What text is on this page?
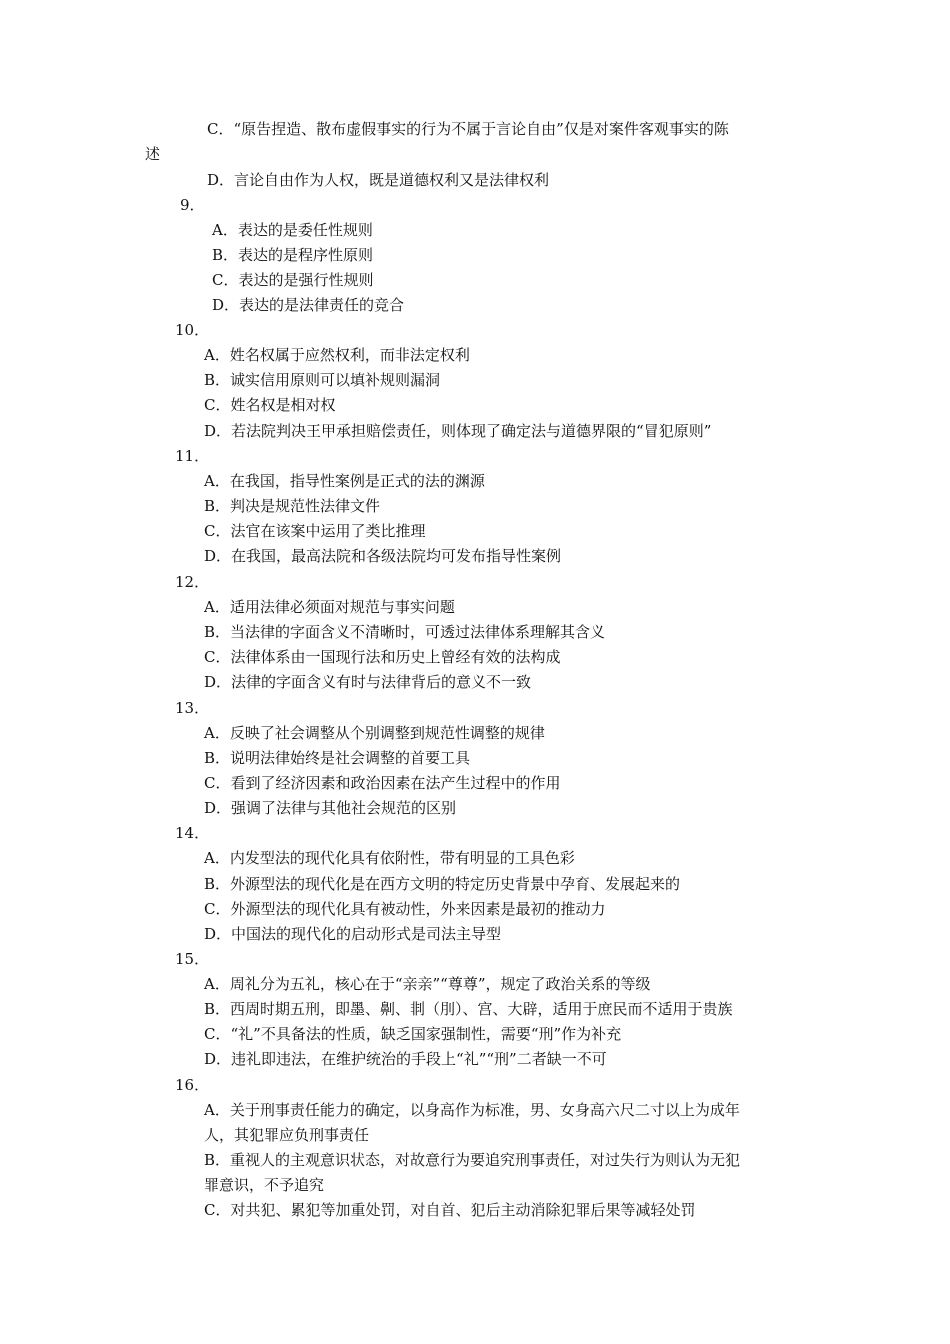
C．“原告捏造、散布虚假事实的行为不属于言论自由”仅是对案件客观事实的陈
述
D．言论自由作为人权，既是道德权利又是法律权利
9．
A．表达的是委任性规则
B．表达的是程序性原则
C．表达的是强行性规则
D．表达的是法律责任的竞合
10．
A．姓名权属于应然权利，而非法定权利
B．诚实信用原则可以填补规则漏洞
C．姓名权是相对权
D．若法院判决王甲承担赔偿责任，则体现了确定法与道德界限的“冒犯原则”
11．
A．在我国，指导性案例是正式的法的渊源
B．判决是规范性法律文件
C．法官在该案中运用了类比推理
D．在我国，最高法院和各级法院均可发布指导性案例
12．
A．适用法律必须面对规范与事实问题
B．当法律的字面含义不清晰时，可透过法律体系理解其含义
C．法律体系由一国现行法和历史上曾经有效的法构成
D．法律的字面含义有时与法律背后的意义不一致
13．
A．反映了社会调整从个别调整到规范性调整的规律
B．说明法律始终是社会调整的首要工具
C．看到了经济因素和政治因素在法产生过程中的作用
D．强调了法律与其他社会规范的区别
14．
A．内发型法的现代化具有依附性，带有明显的工具色彩
B．外源型法的现代化是在西方文明的特定历史背景中孕育、发展起来的
C．外源型法的现代化具有被动性，外来因素是最初的推动力
D．中国法的现代化的启动形式是司法主导型
15．
A．周礼分为五礼，核心在于“亲亲”“尊尊”，规定了政治关系的等级
B．西周时期五刑，即墨、劓、剕（刖）、宫、大辟，适用于庶民而不适用于贵族
C．“礼”不具备法的性质，缺乏国家强制性，需要“刑”作为补充
D．违礼即违法，在维护统治的手段上“礼”“刑”二者缺一不可
16．
A．关于刑事责任能力的确定，以身高作为标准，男、女身高六尺二寸以上为成年
人，其犯罪应负刑事责任
B．重视人的主观意识状态，对故意行为要追究刑事责任，对过失行为则认为无犯
罪意识，不予追究
C．对共犯、累犯等加重处罚，对自首、犯后主动消除犯罪后果等减轻处罚
